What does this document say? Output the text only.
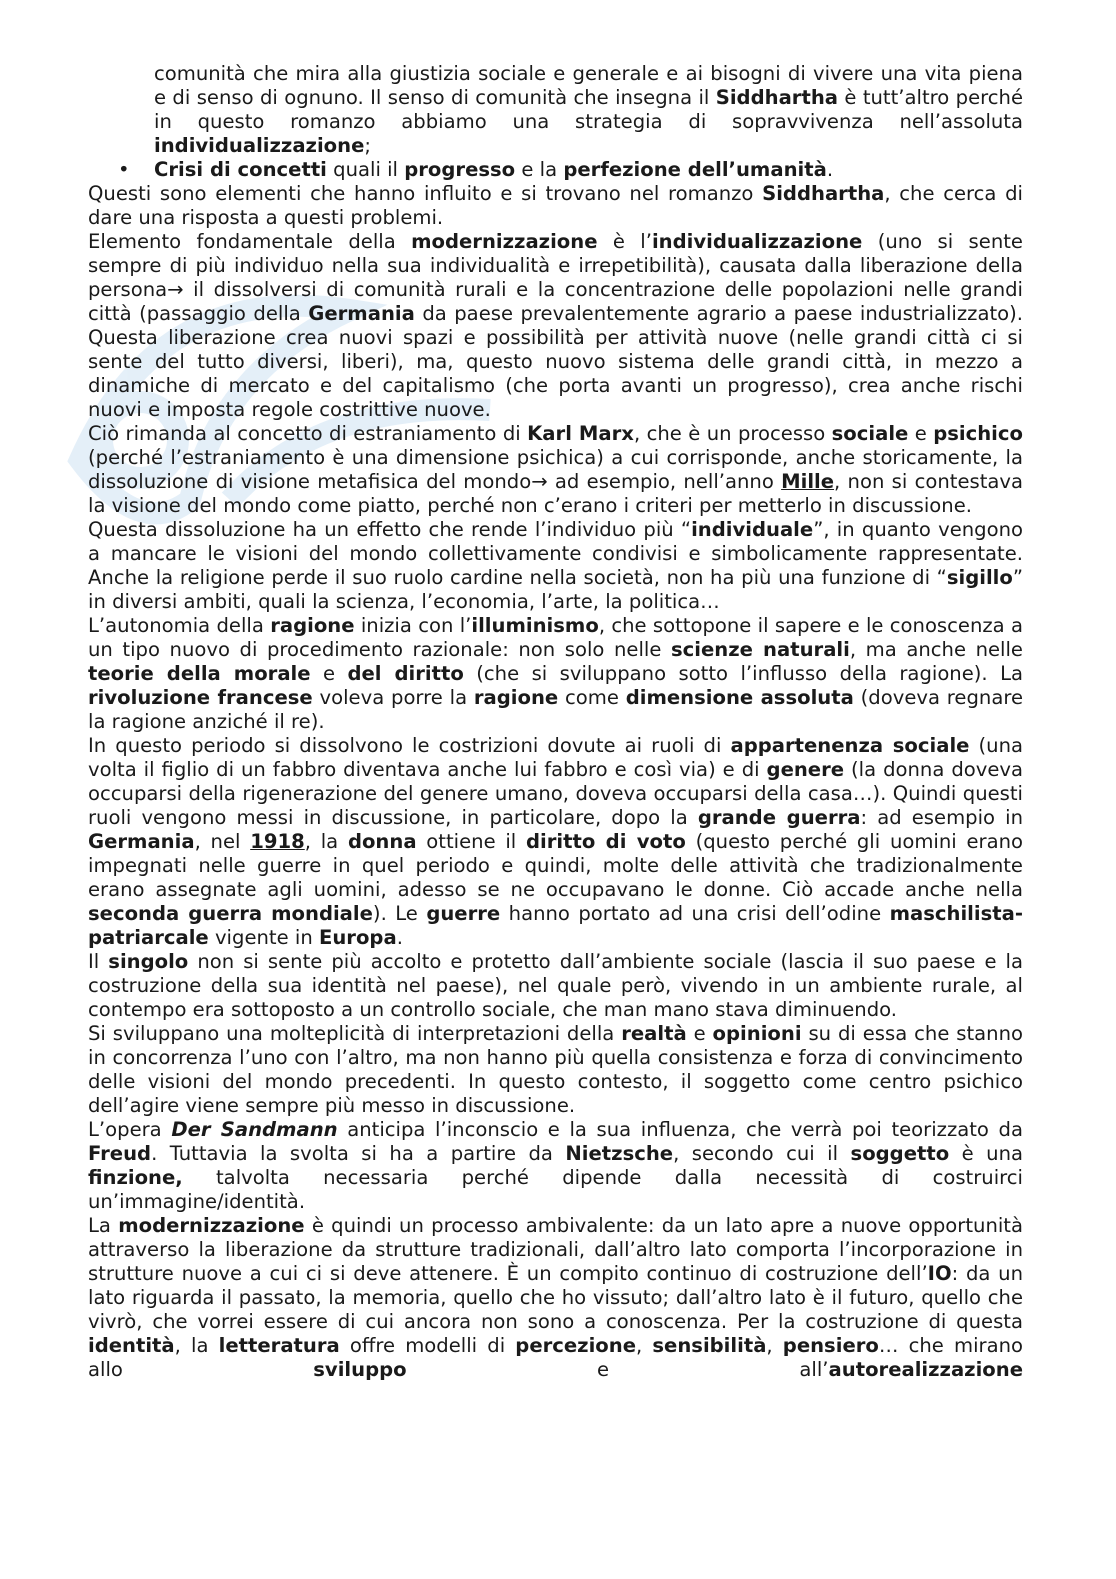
comunità che mira alla giustizia sociale e generale e ai bisogni di vivere una vita piena e di senso di ognuno. Il senso di comunità che insegna il Siddhartha è tutt’altro perché in questo romanzo abbiamo una strategia di sopravvivenza nell’assoluta individualizzazione;
• Crisi di concetti quali il progresso e la perfezione dell’umanità.

Questi sono elementi che hanno influito e si trovano nel romanzo Siddhartha, che cerca di dare una risposta a questi problemi.

Elemento fondamentale della modernizzazione è l’individualizzazione (uno si sente sempre di più individuo nella sua individualità e irrepetibilità), causata dalla liberazione della persona→ il dissolversi di comunità rurali e la concentrazione delle popolazioni nelle grandi città (passaggio della Germania da paese prevalentemente agrario a paese industrializzato). Questa liberazione crea nuovi spazi e possibilità per attività nuove (nelle grandi città ci si sente del tutto diversi, liberi), ma, questo nuovo sistema delle grandi città, in mezzo a dinamiche di mercato e del capitalismo (che porta avanti un progresso), crea anche rischi nuovi e imposta regole costrittive nuove.

Ciò rimanda al concetto di estraniamento di Karl Marx, che è un processo sociale e psichico (perché l’estraniamento è una dimensione psichica) a cui corrisponde, anche storicamente, la dissoluzione di visione metafisica del mondo→ ad esempio, nell’anno Mille, non si contestava la visione del mondo come piatto, perché non c’erano i criteri per metterlo in discussione.

Questa dissoluzione ha un effetto che rende l’individuo più “individuale”, in quanto vengono a mancare le visioni del mondo collettivamente condivisi e simbolicamente rappresentate. Anche la religione perde il suo ruolo cardine nella società, non ha più una funzione di “sigillo” in diversi ambiti, quali la scienza, l’economia, l’arte, la politica…

L’autonomia della ragione inizia con l’illuminismo, che sottopone il sapere e le conoscenza a un tipo nuovo di procedimento razionale: non solo nelle scienze naturali, ma anche nelle teorie della morale e del diritto (che si sviluppano sotto l’influsso della ragione). La rivoluzione francese voleva porre la ragione come dimensione assoluta (doveva regnare la ragione anziché il re).

In questo periodo si dissolvono le costrizioni dovute ai ruoli di appartenenza sociale (una volta il figlio di un fabbro diventava anche lui fabbro e così via) e di genere (la donna doveva occuparsi della rigenerazione del genere umano, doveva occuparsi della casa…). Quindi questi ruoli vengono messi in discussione, in particolare, dopo la grande guerra: ad esempio in Germania, nel 1918, la donna ottiene il diritto di voto (questo perché gli uomini erano impegnati nelle guerre in quel periodo e quindi, molte delle attività che tradizionalmente erano assegnate agli uomini, adesso se ne occupavano le donne. Ciò accade anche nella seconda guerra mondiale). Le guerre hanno portato ad una crisi dell’odine maschilista-patriarcale vigente in Europa.

Il singolo non si sente più accolto e protetto dall’ambiente sociale (lascia il suo paese e la costruzione della sua identità nel paese), nel quale però, vivendo in un ambiente rurale, al contempo era sottoposto a un controllo sociale, che man mano stava diminuendo.

Si sviluppano una molteplicità di interpretazioni della realtà e opinioni su di essa che stanno in concorrenza l’uno con l’altro, ma non hanno più quella consistenza e forza di convincimento delle visioni del mondo precedenti. In questo contesto, il soggetto come centro psichico dell’agire viene sempre più messo in discussione.

L’opera Der Sandmann anticipa l’inconscio e la sua influenza, che verrà poi teorizzato da Freud. Tuttavia la svolta si ha a partire da Nietzsche, secondo cui il soggetto è una finzione, talvolta necessaria perché dipende dalla necessità di costruirci un’immagine/identità.

La modernizzazione è quindi un processo ambivalente: da un lato apre a nuove opportunità attraverso la liberazione da strutture tradizionali, dall’altro lato comporta l’incorporazione in strutture nuove a cui ci si deve attenere. È un compito continuo di costruzione dell’IO: da un lato riguarda il passato, la memoria, quello che ho vissuto; dall’altro lato è il futuro, quello che vivrò, che vorrei essere di cui ancora non sono a conoscenza. Per la costruzione di questa identità, la letteratura offre modelli di percezione, sensibilità, pensiero… che mirano allo sviluppo e all’autorealizzazione
